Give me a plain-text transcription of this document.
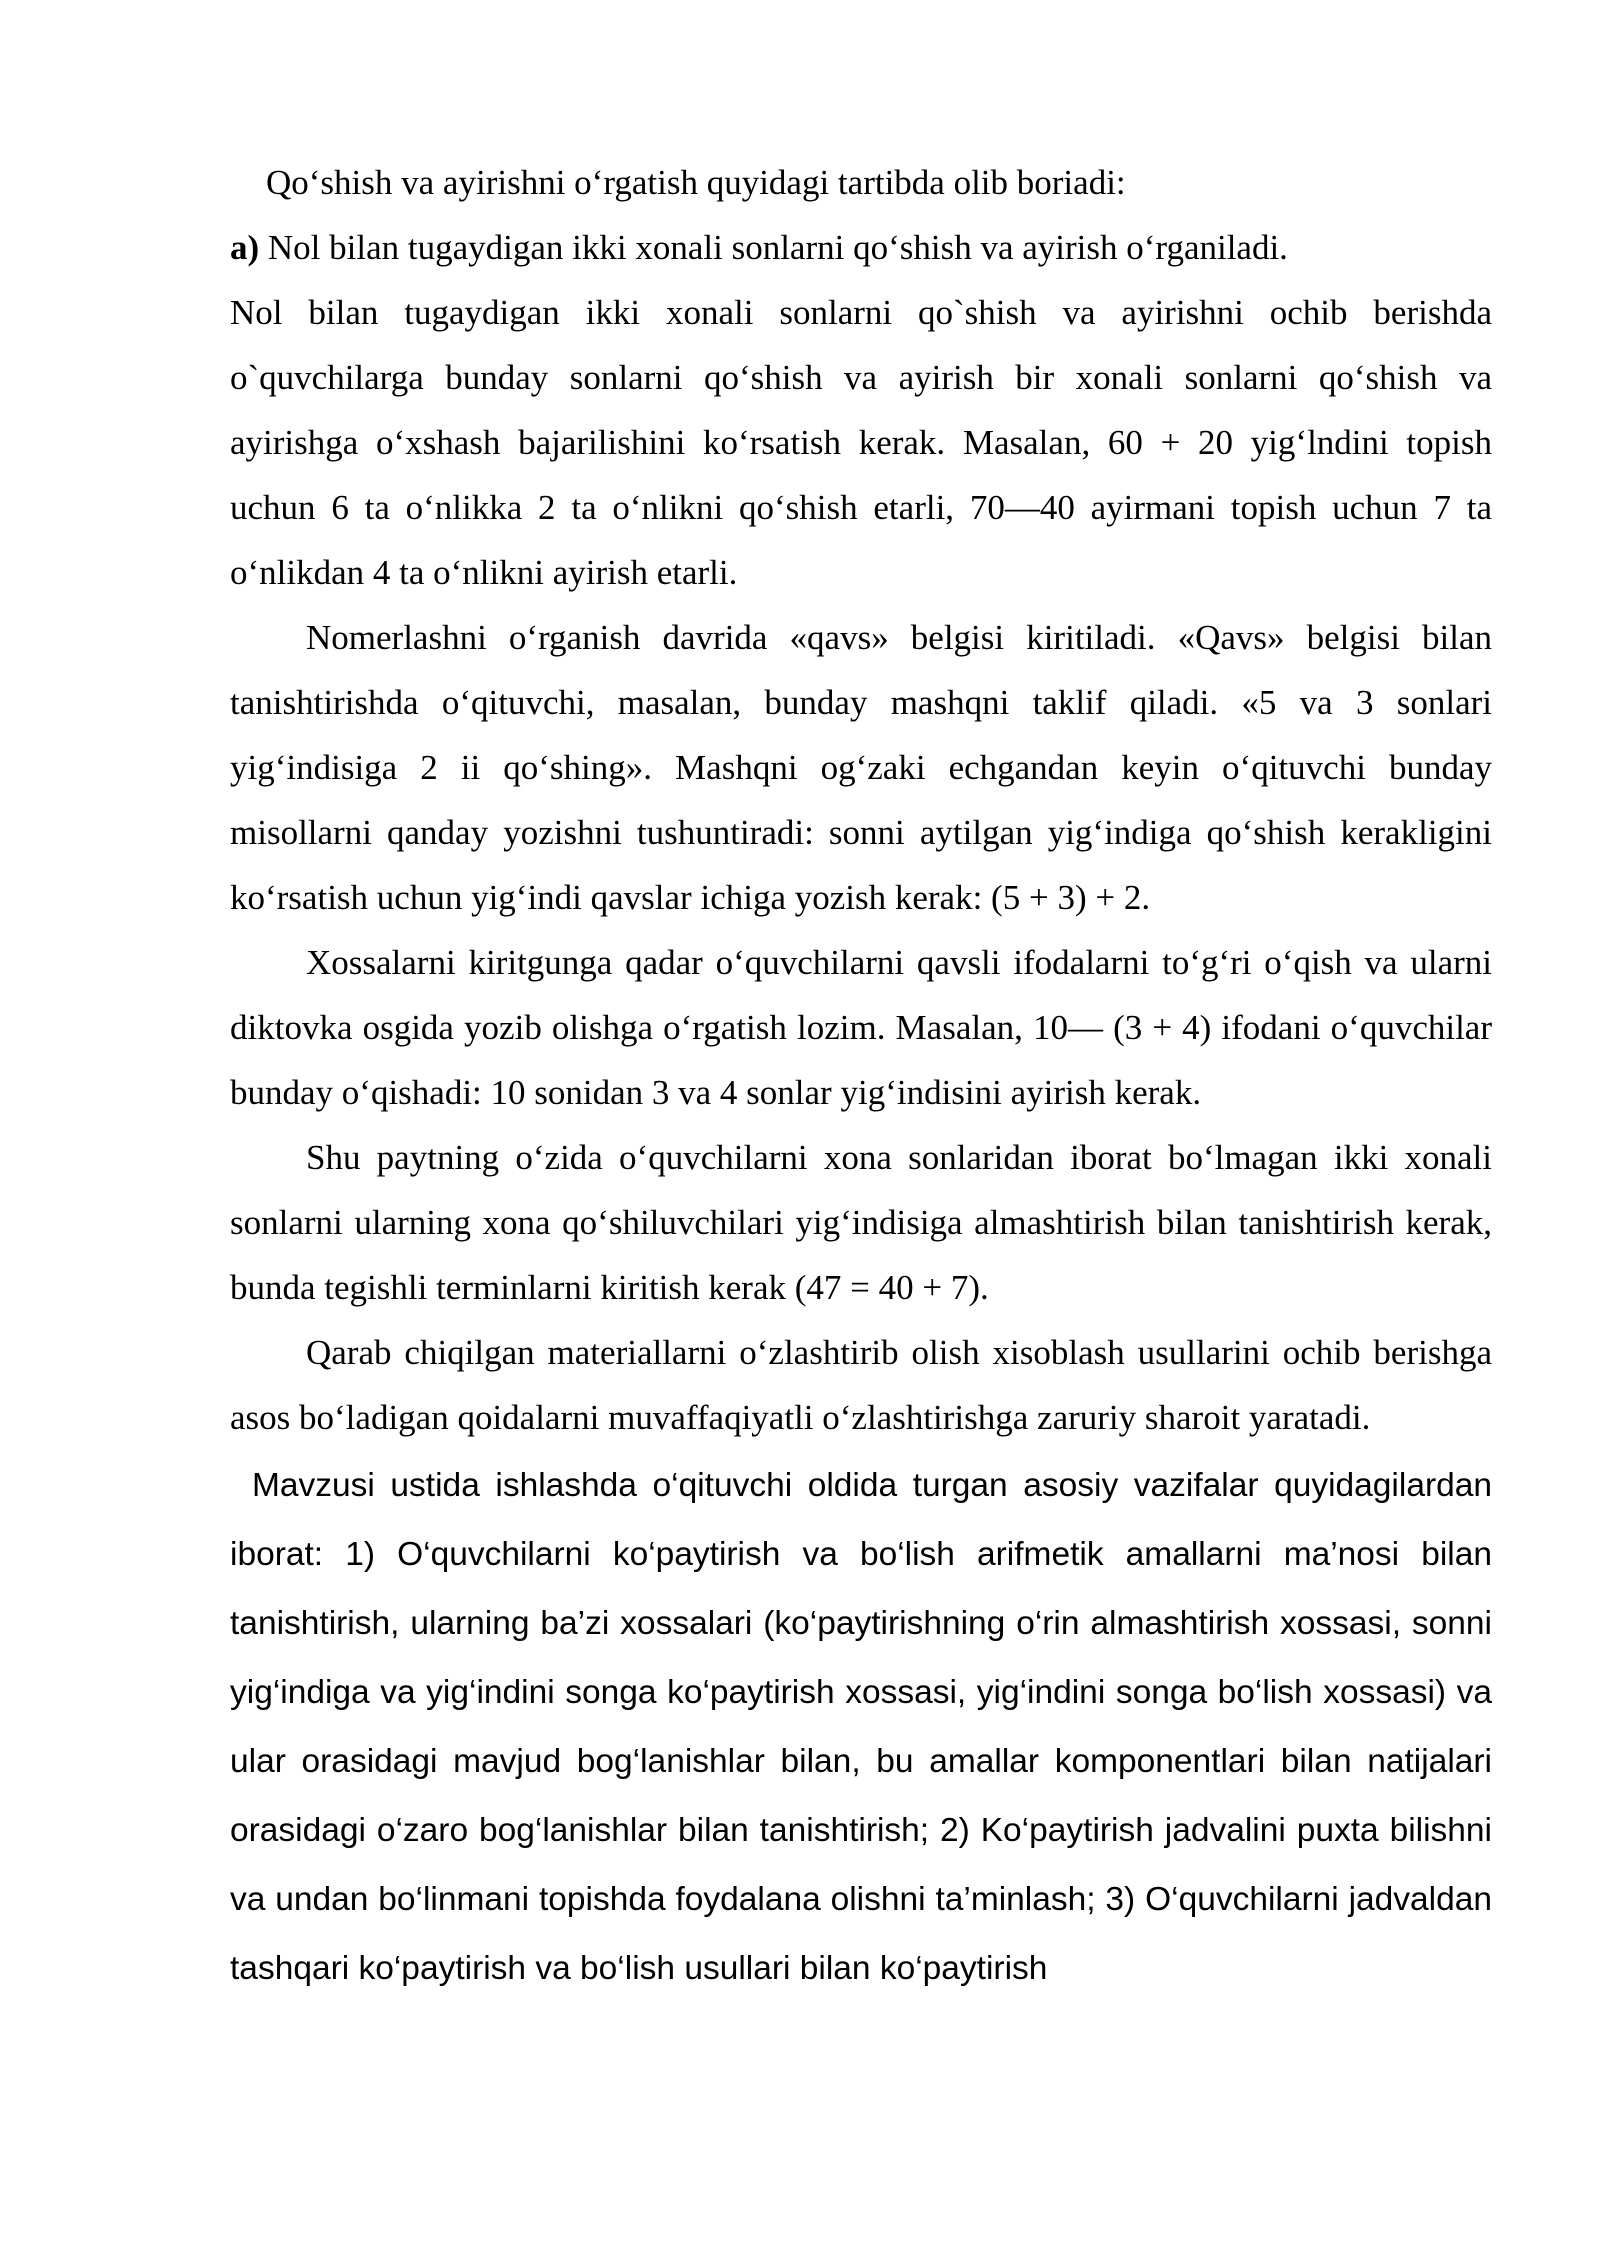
Qo‘shish va ayirishni o‘rgatish quyidagi tartibda olib boriadi:

a) Nol bilan tugaydigan ikki xonali sonlarni qo‘shish va ayirish o‘rganiladi.

Nol bilan tugaydigan ikki xonali sonlarni qo`shish va ayirishni ochib berishda o`quvchilarga bunday sonlarni qo‘shish va ayirish bir xonali sonlarni qo‘shish va ayirishga o‘xshash bajarilishini ko‘rsatish kerak. Masalan, 60 + 20 yig‘lndini topish uchun 6 ta o‘nlikka 2 ta o‘nlikni qo‘shish etarli, 70—40 ayirmani topish uchun 7 ta o‘nlikdan 4 ta o‘nlikni ayirish etarli.

Nomerlashni o‘rganish davrida «qavs» belgisi kiritiladi. «Qavs» belgisi bilan tanishtirishda o‘qituvchi, masalan, bunday mashqni taklif qiladi. «5 va 3 sonlari yig‘indisiga 2 ii qo‘shing». Mashqni og‘zaki echgandan keyin o‘qituvchi bunday misollarni qanday yozishni tushuntiradi: sonni aytilgan yig‘indiga qo‘shish kerakligini ko‘rsatish uchun yig‘indi qavslar ichiga yozish kerak: (5 + 3) + 2.

Xossalarni kiritgunga qadar o‘quvchilarni qavsli ifodalarni to‘g‘ri o‘qish va ularni diktovka osgida yozib olishga o‘rgatish lozim. Masalan, 10— (3 + 4) ifodani o‘quvchilar bunday o‘qishadi: 10 sonidan 3 va 4 sonlar yig‘indisini ayirish kerak.

Shu paytning o‘zida o‘quvchilarni xona sonlaridan iborat bo‘lmagan ikki xonali sonlarni ularning xona qo‘shiluvchilari yig‘indisiga almashtirish bilan tanishtirish kerak, bunda tegishli terminlarni kiritish kerak (47 = 40 + 7).

Qarab chiqilgan materiallarni o‘zlashtirib olish xisoblash usullarini ochib berishga asos bo‘ladigan qoidalarni muvaffaqiyatli o‘zlashtirishga zaruriy sharoit yaratadi.

Mavzusi ustida ishlashda o‘qituvchi oldida turgan asosiy vazifalar quyidagilardan iborat: 1) O‘quvchilarni ko‘paytirish va bo‘lish arifmetik amallarni ma’nosi bilan tanishtirish, ularning ba’zi xossalari (ko‘paytirishning o‘rin almashtirish xossasi, sonni yig‘indiga va yig‘indini songa ko‘paytirish xossasi, yig‘indini songa bo‘lish xossasi) va ular orasidagi mavjud bog‘lanishlar bilan, bu amallar komponentlari bilan natijalari orasidagi o‘zaro bog‘lanishlar bilan tanishtirish; 2) Ko‘paytirish jadvalini puxta bilishni va undan bo‘linmani topishda foydalana olishni ta’minlash; 3) O‘quvchilarni jadvaldan tashqari ko‘paytirish va bo‘lish usullari bilan ko‘paytirish
